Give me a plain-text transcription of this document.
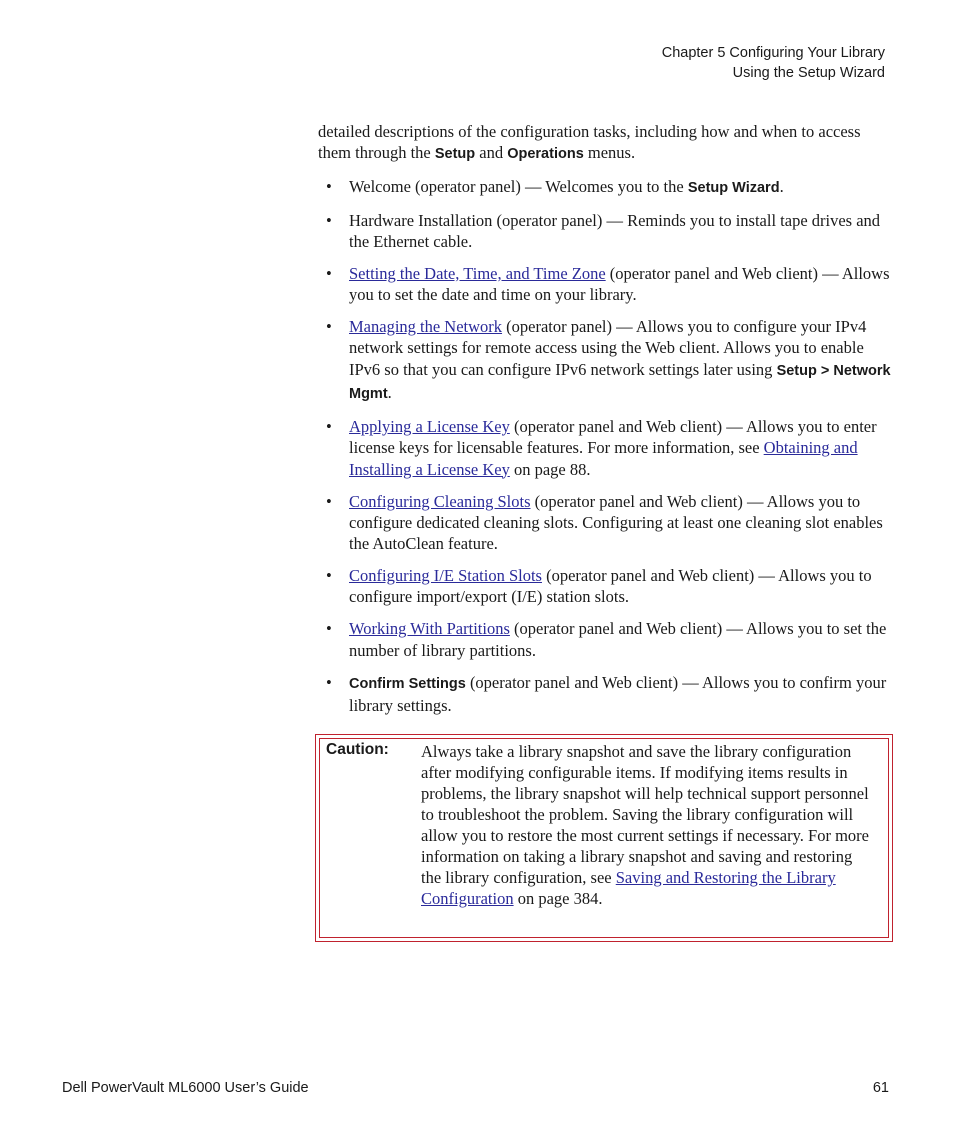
Chapter 5 Configuring Your Library
Using the Setup Wizard

detailed descriptions of the configuration tasks, including how and when to access them through the Setup and Operations menus.

• Welcome (operator panel) — Welcomes you to the Setup Wizard.
• Hardware Installation (operator panel) — Reminds you to install tape drives and the Ethernet cable.
• Setting the Date, Time, and Time Zone (operator panel and Web client) — Allows you to set the date and time on your library.
• Managing the Network (operator panel) — Allows you to configure your IPv4 network settings for remote access using the Web client. Allows you to enable IPv6 so that you can configure IPv6 network settings later using Setup > Network Mgmt.
• Applying a License Key (operator panel and Web client) — Allows you to enter license keys for licensable features. For more information, see Obtaining and Installing a License Key on page 88.
• Configuring Cleaning Slots (operator panel and Web client) — Allows you to configure dedicated cleaning slots. Configuring at least one cleaning slot enables the AutoClean feature.
• Configuring I/E Station Slots (operator panel and Web client) — Allows you to configure import/export (I/E) station slots.
• Working With Partitions (operator panel and Web client) — Allows you to set the number of library partitions.
• Confirm Settings (operator panel and Web client) — Allows you to confirm your library settings.
Caution: Always take a library snapshot and save the library configuration after modifying configurable items. If modifying items results in problems, the library snapshot will help technical support personnel to troubleshoot the problem. Saving the library configuration will allow you to restore the most current settings if necessary. For more information on taking a library snapshot and saving and restoring the library configuration, see Saving and Restoring the Library Configuration on page 384.
Dell PowerVault ML6000 User’s Guide	61
